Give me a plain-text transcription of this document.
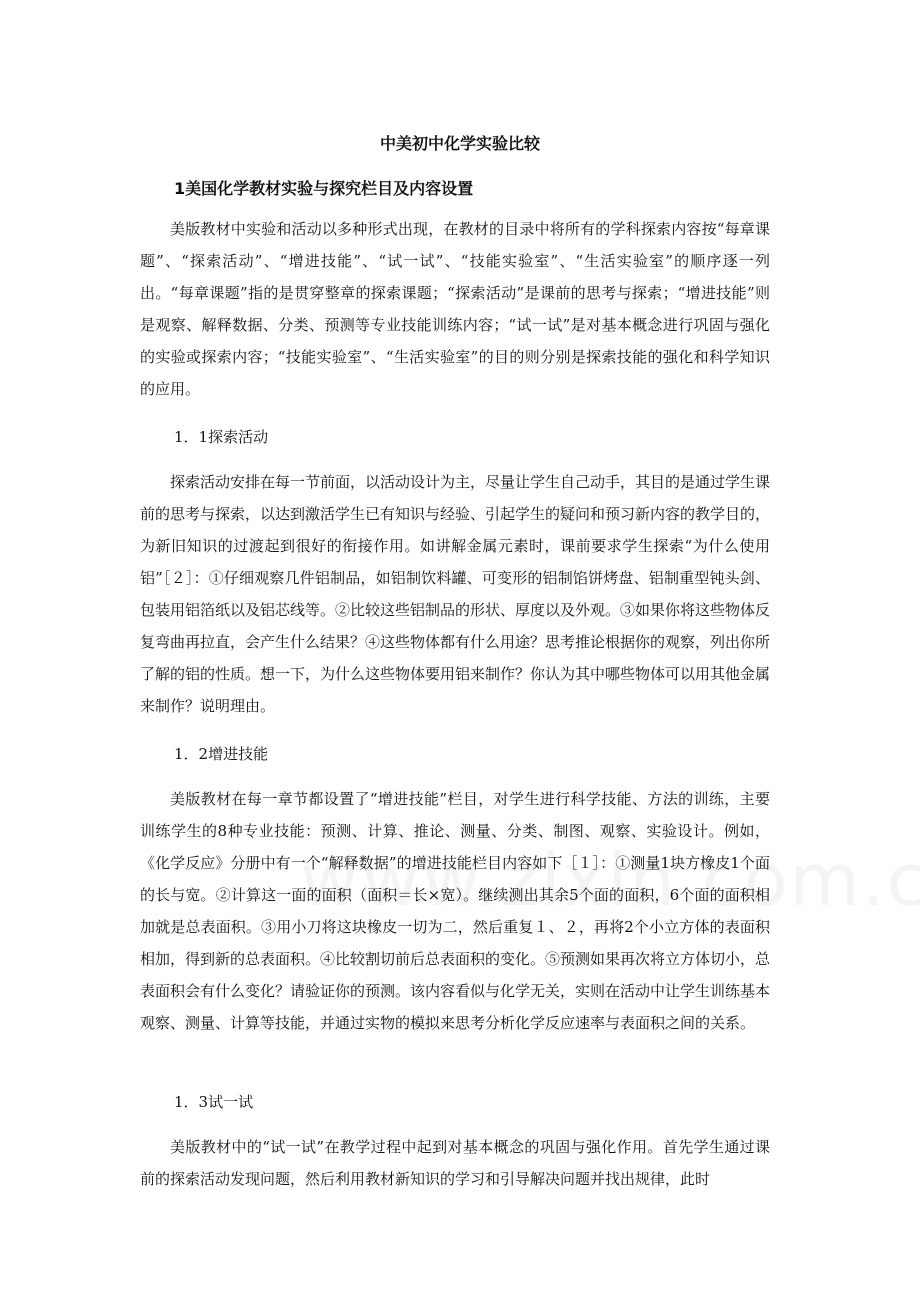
中美初中化学实验比较
1美国化学教材实验与探究栏目及内容设置
美版教材中实验和活动以多种形式出现，在教材的目录中将所有的学科探索内容按“每章课题”、“探索活动”、“增进技能”、“试一试”、“技能实验室”、“生活实验室”的顺序逐一列出。“每章课题”指的是贯穿整章的探索课题；“探索活动”是课前的思考与探索；“增进技能”则是观察、解释数据、分类、预测等专业技能训练内容；“试一试”是对基本概念进行巩固与强化的实验或探索内容；“技能实验室”、“生活实验室”的目的则分别是探索技能的强化和科学知识的应用。
1．1探索活动
探索活动安排在每一节前面，以活动设计为主，尽量让学生自己动手，其目的是通过学生课前的思考与探索，以达到激活学生已有知识与经验、引起学生的疑问和预习新内容的教学目的，为新旧知识的过渡起到很好的衔接作用。如讲解金属元素时，课前要求学生探索“为什么使用铝”［２］：①仔细观察几件铝制品，如铝制饮料罐、可变形的铝制馅饼烤盘、铝制重型钝头剑、包装用铝箔纸以及铝芯线等。②比较这些铝制品的形状、厚度以及外观。③如果你将这些物体反复弯曲再拉直，会产生什么结果？④这些物体都有什么用途？思考推论根据你的观察，列出你所了解的铝的性质。想一下，为什么这些物体要用铝来制作？你认为其中哪些物体可以用其他金属来制作？说明理由。
1．2增进技能
美版教材在每一章节都设置了“增进技能”栏目，对学生进行科学技能、方法的训练，主要训练学生的8种专业技能：预测、计算、推论、测量、分类、制图、观察、实验设计。例如，《化学反应》分册中有一个“解释数据”的增进技能栏目内容如下［１］：①测量1块方橡皮1个面的长与宽。②计算这一面的面积（面积＝长×宽）。继续测出其余5个面的面积，6个面的面积相加就是总表面积。③用小刀将这块橡皮一切为二，然后重复１、２，再将2个小立方体的表面积相加，得到新的总表面积。④比较割切前后总表面积的变化。⑤预测如果再次将立方体切小，总表面积会有什么变化？请验证你的预测。该内容看似与化学无关，实则在活动中让学生训练基本观察、测量、计算等技能，并通过实物的模拟来思考分析化学反应速率与表面积之间的关系。
1．3试一试
美版教材中的“试一试”在教学过程中起到对基本概念的巩固与强化作用。首先学生通过课前的探索活动发现问题，然后利用教材新知识的学习和引导解决问题并找出规律，此时
